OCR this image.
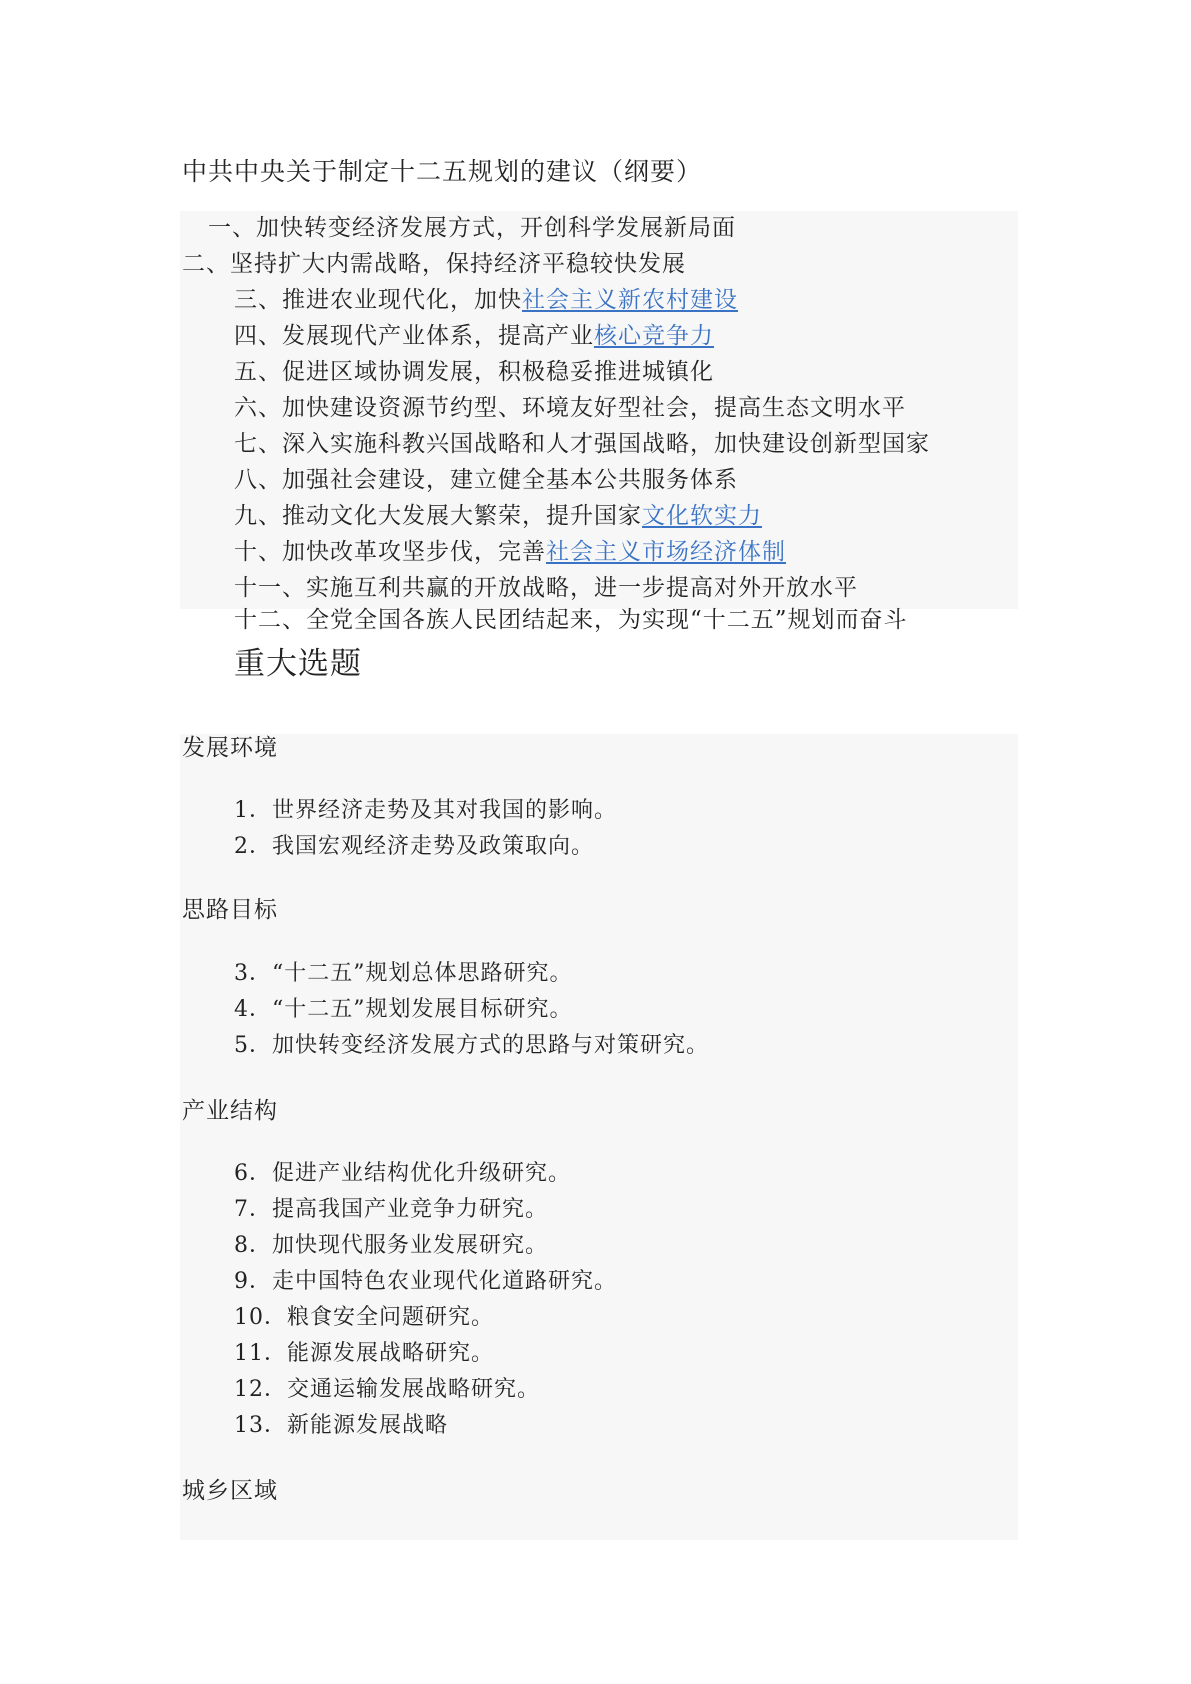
中共中央关于制定十二五规划的建议（纲要）
一、加快转变经济发展方式，开创科学发展新局面
二、坚持扩大内需战略，保持经济平稳较快发展
三、推进农业现代化，加快社会主义新农村建设
四、发展现代产业体系，提高产业核心竞争力
五、促进区域协调发展，积极稳妥推进城镇化
六、加快建设资源节约型、环境友好型社会，提高生态文明水平
七、深入实施科教兴国战略和人才强国战略，加快建设创新型国家
八、加强社会建设，建立健全基本公共服务体系
九、推动文化大发展大繁荣，提升国家文化软实力
十、加快改革攻坚步伐，完善社会主义市场经济体制
十一、实施互利共赢的开放战略，进一步提高对外开放水平
十二、全党全国各族人民团结起来，为实现“十二五”规划而奋斗
重大选题
发展环境
1．世界经济走势及其对我国的影响。
2．我国宏观经济走势及政策取向。
思路目标
3．“十二五”规划总体思路研究。
4．“十二五”规划发展目标研究。
5．加快转变经济发展方式的思路与对策研究。
产业结构
6．促进产业结构优化升级研究。
7．提高我国产业竞争力研究。
8．加快现代服务业发展研究。
9．走中国特色农业现代化道路研究。
10．粮食安全问题研究。
11．能源发展战略研究。
12．交通运输发展战略研究。
13．新能源发展战略
城乡区域
